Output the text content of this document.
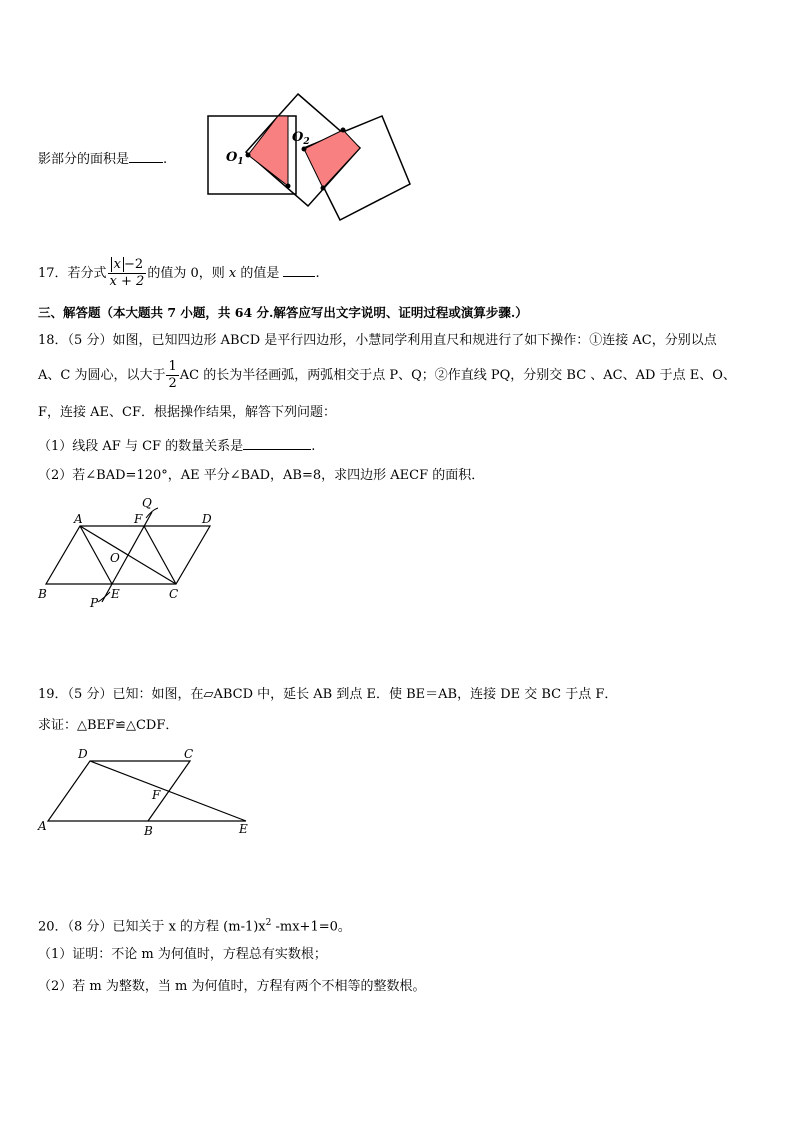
影部分的面积是	.	$O_1$
$O_2$
17．若分式 $\frac{x -2}{x + 2}$ 的值为 0，则 x 的值是	.
三、解答题（本大题共 7 小题，共 64 分.解答应写出文字说明、证明过程或演算步骤.）
18．（5 分）如图，已知四边形 ABCD 是平行四边形，小慧同学利用直尺和规进行了如下操作：①连接 AC，分别以点
A、C 为圆心，以大于 $\frac{1}{2}$ AC 的长为半径画弧，两弧相交于点 P、Q；②作直线 PQ，分别交 BC 、AC、AD 于点 E、O、
F，连接 AE、CF．根据操作结果，解答下列问题：
（1）线段 AF 与 CF 的数量关系是	.
（2）若∠BAD=120°，AE 平分∠BAD，AB=8，求四边形 AECF 的面积．
A	F
Q
D
O
B	E	C
P
19．（5 分）已知：如图，在▱ABCD 中，延长 AB 到点 E．使 BE＝AB，连接 DE 交 BC 于点 F．
求证：△BEF≌△CDF．
D	C
F
A	B	E
20．（8 分）已知关于 x 的方程 $(m-1)x^2$ -mx+1=0。
（1）证明：不论 m 为何值时，方程总有实数根；
（2）若 m 为整数，当 m 为何值时，方程有两个不相等的整数根。
